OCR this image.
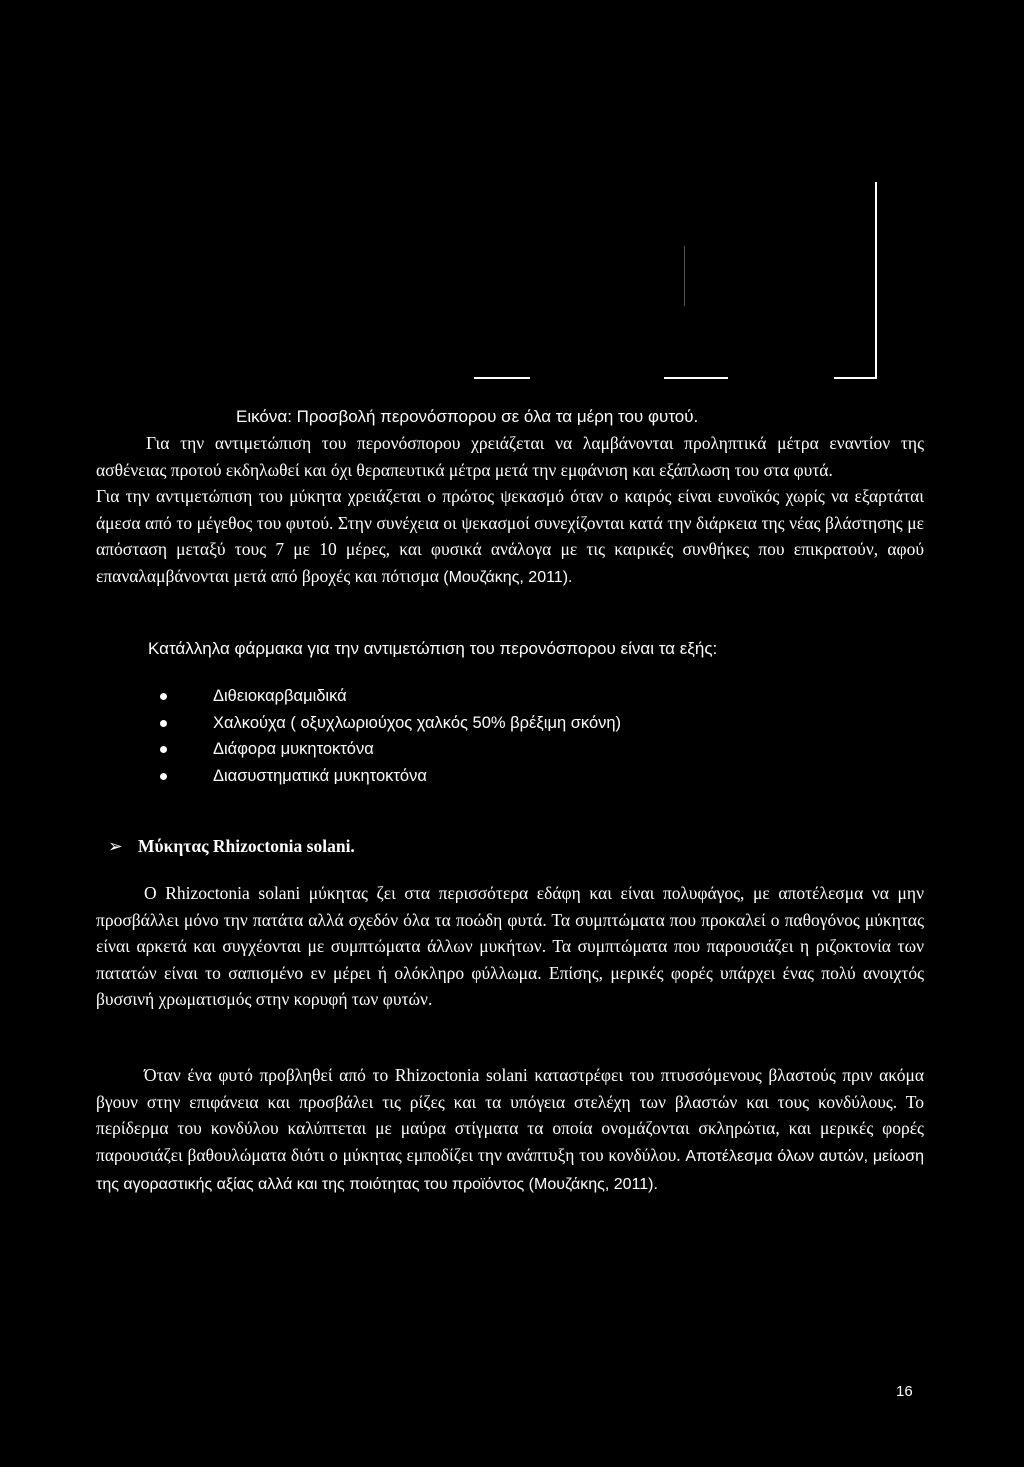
Εικόνα: Προσβολή περονόσπορου σε όλα τα μέρη του φυτού.
Για την αντιμετώπιση του περονόσπορου χρειάζεται να λαμβάνονται προληπτικά μέτρα εναντίον της ασθένειας προτού εκδηλωθεί και όχι θεραπευτικά μέτρα μετά την εμφάνιση και εξάπλωση του στα φυτά.
Για την αντιμετώπιση του μύκητα χρειάζεται ο πρώτος ψεκασμό όταν ο καιρός είναι ευνοϊκός χωρίς να εξαρτάται άμεσα από το μέγεθος του φυτού. Στην συνέχεια οι ψεκασμοί συνεχίζονται κατά την διάρκεια της νέας βλάστησης με απόσταση μεταξύ τους 7 με 10 μέρες, και φυσικά ανάλογα με τις καιρικές συνθήκες που επικρατούν, αφού επαναλαμβάνονται μετά από βροχές και πότισμα (Μουζάκης, 2011).
Κατάλληλα φάρμακα για την αντιμετώπιση του περονόσπορου είναι τα εξής:
Διθειοκαρβαμιδικά
Χαλκούχα ( οξυχλωριούχος χαλκός 50% βρέξιμη σκόνη)
Διάφορα μυκητοκτόνα
Διασυστηματικά μυκητοκτόνα
➢ Μύκητας Rhizoctonia solani.
Ο Rhizoctonia solani μύκητας ζει στα περισσότερα εδάφη και είναι πολυφάγος, με αποτέλεσμα να μην προσβάλλει μόνο την πατάτα αλλά σχεδόν όλα τα ποώδη φυτά. Τα συμπτώματα που προκαλεί ο παθογόνος μύκητας είναι αρκετά και συγχέονται με συμπτώματα άλλων μυκήτων. Τα συμπτώματα που παρουσιάζει η ριζοκτονία των πατατών είναι το σαπισμένο εν μέρει ή ολόκληρο φύλλωμα. Επίσης, μερικές φορές υπάρχει ένας πολύ ανοιχτός βυσσινή χρωματισμός στην κορυφή των φυτών.
Όταν ένα φυτό προβληθεί από το Rhizoctonia solani καταστρέφει του πτυσσόμενους βλαστούς πριν ακόμα βγουν στην επιφάνεια και προσβάλει τις ρίζες και τα υπόγεια στελέχη των βλαστών και τους κονδύλους. Το περίδερμα του κονδύλου καλύπτεται με μαύρα στίγματα τα οποία ονομάζονται σκληρώτια, και μερικές φορές παρουσιάζει βαθουλώματα διότι ο μύκητας εμποδίζει την ανάπτυξη του κονδύλου. Αποτέλεσμα όλων αυτών, μείωση της αγοραστικής αξίας αλλά και της ποιότητας του προϊόντος (Μουζάκης, 2011).
16
